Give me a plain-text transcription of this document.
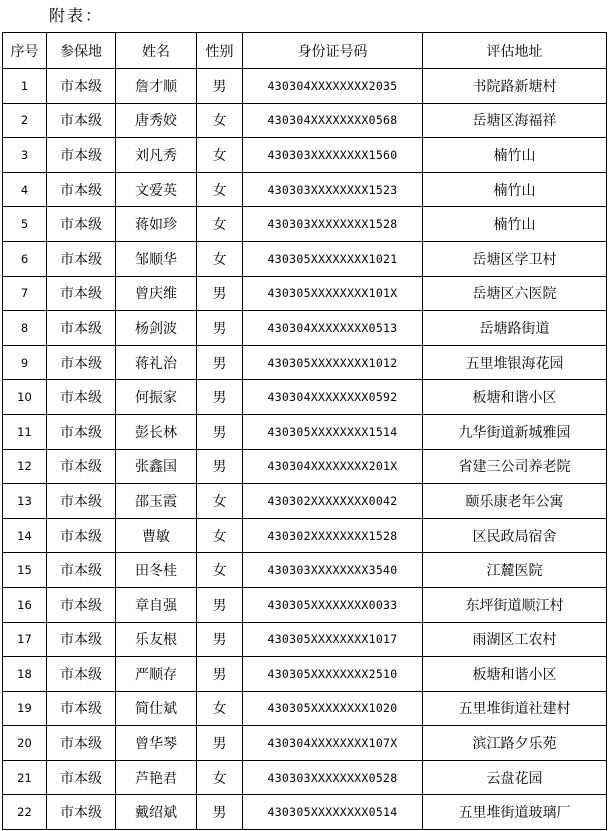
附表：
序号	参保地	姓名	性别	身份证号码	评估地址
1	市本级	詹才顺	男	430304XXXXXXXX2035	书院路新塘村
2	市本级	唐秀姣	女	430304XXXXXXXX0568	岳塘区海福祥
3	市本级	刘凡秀	女	430303XXXXXXXX1560	楠竹山
4	市本级	文爱英	女	430303XXXXXXXX1523	楠竹山
5	市本级	蒋如珍	女	430303XXXXXXXX1528	楠竹山
6	市本级	邹顺华	女	430305XXXXXXXX1021	岳塘区学卫村
7	市本级	曾庆维	男	430305XXXXXXXX101X	岳塘区六医院
8	市本级	杨剑波	男	430304XXXXXXXX0513	岳塘路街道
9	市本级	蒋礼治	男	430305XXXXXXXX1012	五里堆银海花园
10	市本级	何振家	男	430304XXXXXXXX0592	板塘和谐小区
11	市本级	彭长林	男	430305XXXXXXXX1514	九华街道新城雅园
12	市本级	张鑫国	男	430304XXXXXXXX201X	省建三公司养老院
13	市本级	邵玉霞	女	430302XXXXXXXX0042	颐乐康老年公寓
14	市本级	曹敏	女	430302XXXXXXXX1528	区民政局宿舍
15	市本级	田冬桂	女	430303XXXXXXXX3540	江麓医院
16	市本级	章自强	男	430305XXXXXXXX0033	东坪街道顺江村
17	市本级	乐友根	男	430305XXXXXXXX1017	雨湖区工农村
18	市本级	严顺存	男	430305XXXXXXXX2510	板塘和谐小区
19	市本级	简仕斌	女	430305XXXXXXXX1020	五里堆街道社建村
20	市本级	曾华琴	男	430304XXXXXXXX107X	滨江路夕乐苑
21	市本级	芦艳君	女	430303XXXXXXXX0528	云盘花园
22	市本级	戴绍斌	男	430305XXXXXXXX0514	五里堆街道玻璃厂
